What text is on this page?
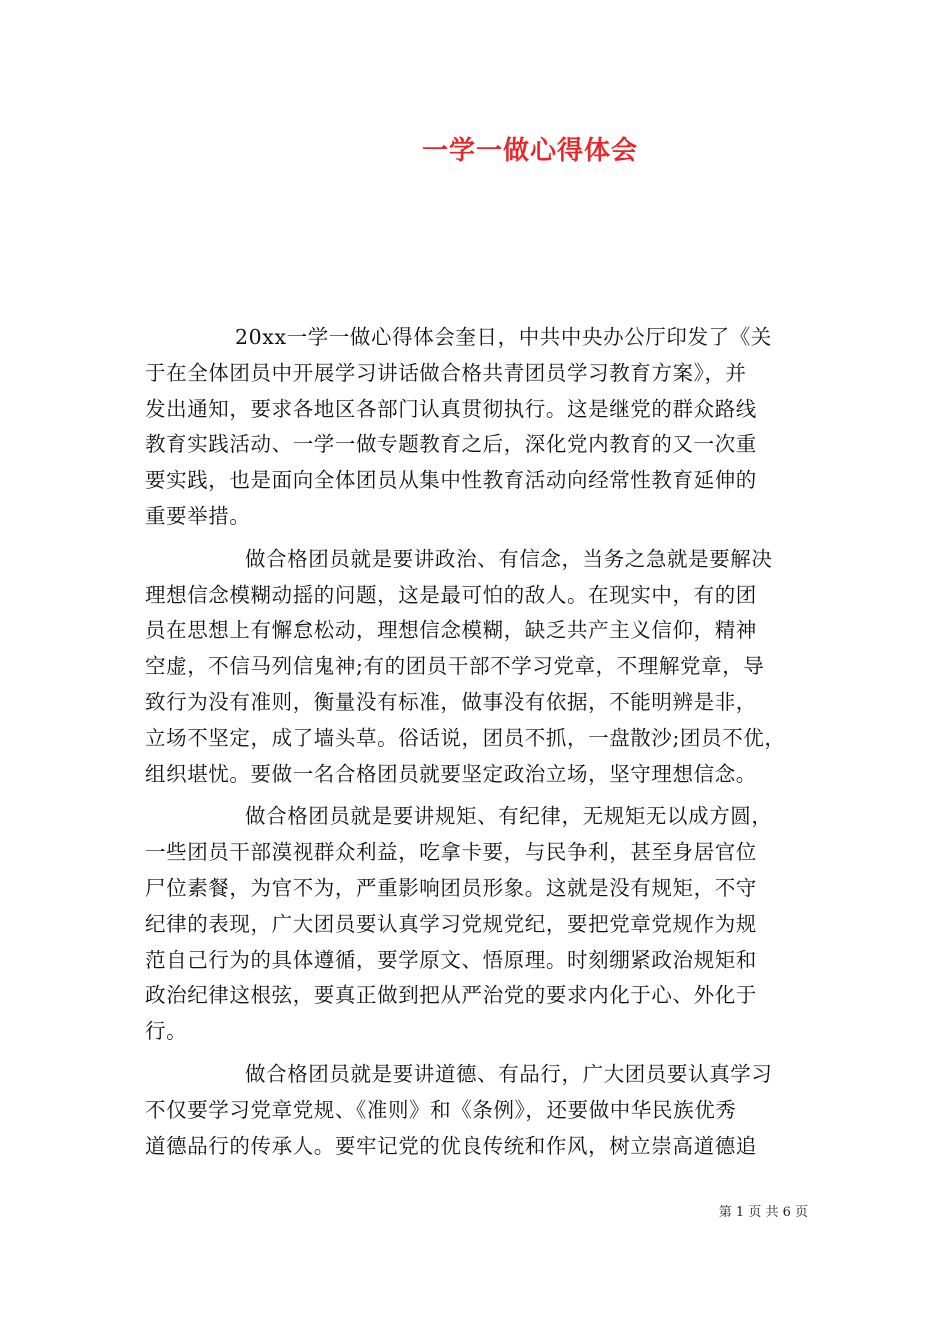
一学一做心得体会
20xx一学一做心得体会奎日，中共中央办公厅印发了《关
于在全体团员中开展学习讲话做合格共青团员学习教育方案》，并
发出通知，要求各地区各部门认真贯彻执行。这是继党的群众路线
教育实践活动、一学一做专题教育之后，深化党内教育的又一次重
要实践，也是面向全体团员从集中性教育活动向经常性教育延伸的
重要举措。
做合格团员就是要讲政治、有信念，当务之急就是要解决
理想信念模糊动摇的问题，这是最可怕的敌人。在现实中，有的团
员在思想上有懈怠松动，理想信念模糊，缺乏共产主义信仰，精神
空虚，不信马列信鬼神;有的团员干部不学习党章，不理解党章，导
致行为没有准则，衡量没有标准，做事没有依据，不能明辨是非，
立场不坚定，成了墙头草。俗话说，团员不抓，一盘散沙;团员不优，
组织堪忧。要做一名合格团员就要坚定政治立场，坚守理想信念。
做合格团员就是要讲规矩、有纪律，无规矩无以成方圆，
一些团员干部漠视群众利益，吃拿卡要，与民争利，甚至身居官位
尸位素餐，为官不为，严重影响团员形象。这就是没有规矩，不守
纪律的表现，广大团员要认真学习党规党纪，要把党章党规作为规
范自己行为的具体遵循，要学原文、悟原理。时刻绷紧政治规矩和
政治纪律这根弦，要真正做到把从严治党的要求内化于心、外化于
行。
做合格团员就是要讲道德、有品行，广大团员要认真学习
不仅要学习党章党规、《准则》和《条例》，还要做中华民族优秀
道德品行的传承人。要牢记党的优良传统和作风，树立崇高道德追
第 1 页 共 6 页
